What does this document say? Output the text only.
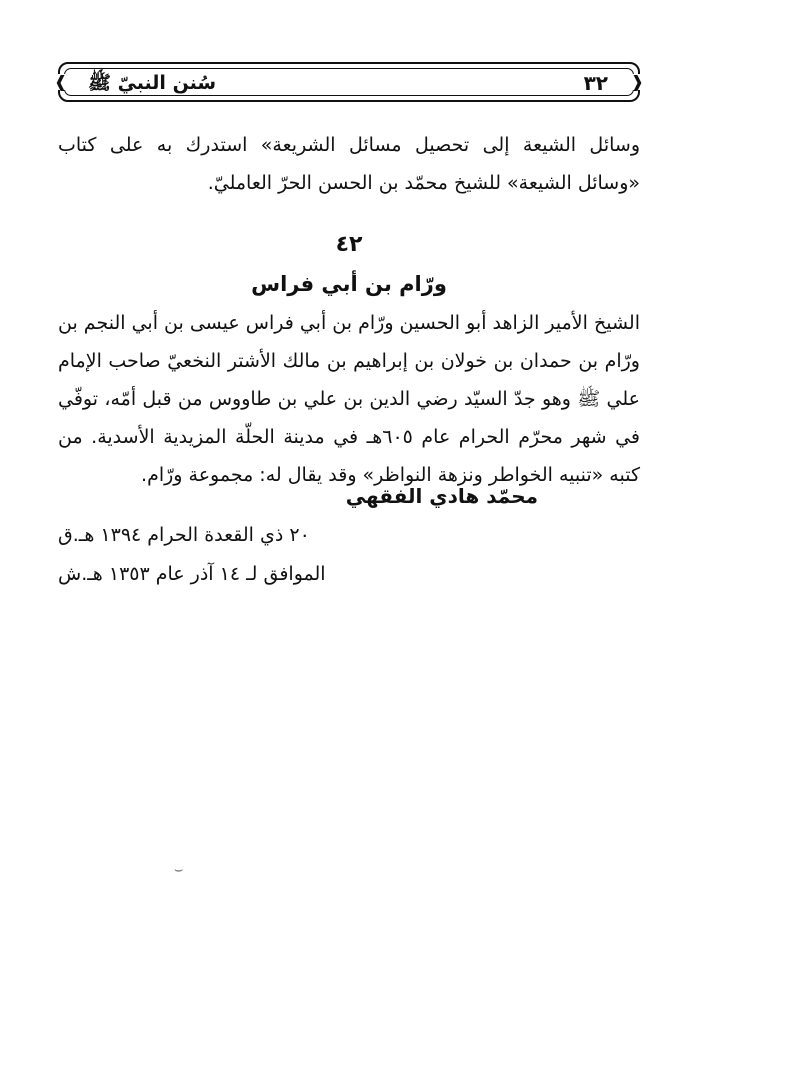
❰	❱
٣٢
سُنن النبيّ ﷺ
وسائل الشيعة إلى تحصيل مسائل الشريعة» استدرك به على كتاب «وسائل الشيعة» للشيخ محمّد بن الحسن الحرّ العامليّ.
٤٢
ورّام بن أبي فراس
الشيخ الأمير الزاهد أبو الحسين ورّام بن أبي فراس عيسى بن أبي النجم بن ورّام بن حمدان بن خولان بن إبراهيم بن مالك الأشتر النخعيّ صاحب الإمام علي ﷺ وهو جدّ السيّد رضي الدين بن علي بن طاووس من قبل أمّه، توفّي في شهر محرّم الحرام عام ٦٠٥هـ في مدينة الحلّة المزيدية الأسدية. من كتبه «تنبيه الخواطر ونزهة النواظر» وقد يقال له: مجموعة ورّام.
محمّد هادي الفقهي
٢٠ ذي القعدة الحرام ١٣٩٤ هـ.ق
الموافق لـ ١٤ آذر عام ١٣٥٣ هـ.ش
⌣
